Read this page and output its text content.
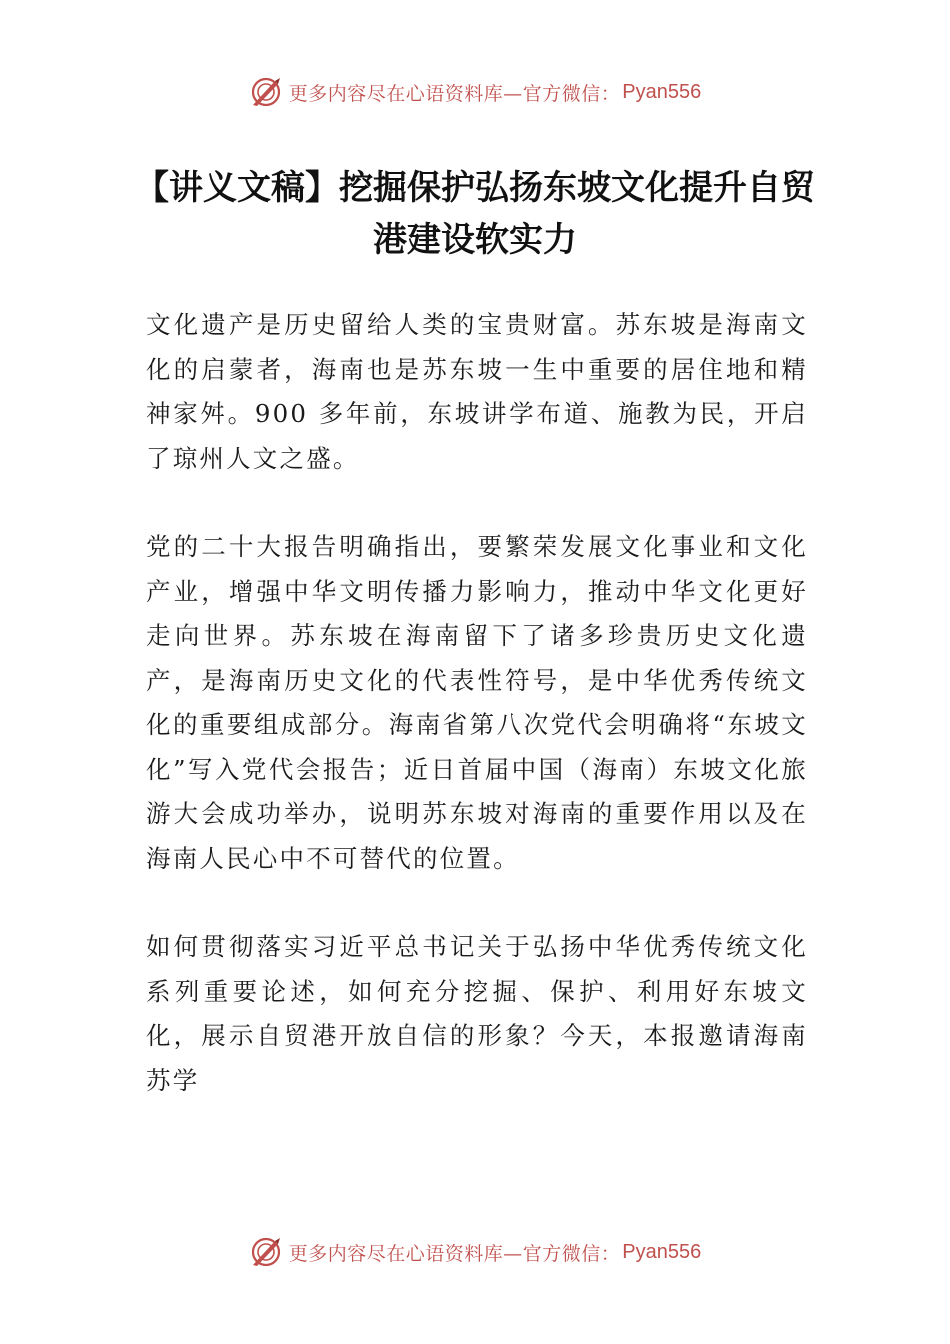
更多内容尽在心语资料库—官方微信： Pyan556
【讲义文稿】挖掘保护弘扬东坡文化提升自贸港建设软实力

文化遗产是历史留给人类的宝贵财富。苏东坡是海南文化的启蒙者，海南也是苏东坡一生中重要的居住地和精神家⾇。900 多年前，东坡讲学布道、施教为民，开启了琼州人文之盛。

党的二十大报告明确指出，要繁荣发展文化事业和文化产业，增强中华文明传播力影响力，推动中华文化更好走向世界。苏东坡在海南留下了诸多珍贵历史文化遗产，是海南历史文化的代表性符号，是中华优秀传统文化的重要组成部分。海南省第八次党代会明确将“东坡文化”写入党代会报告；近日首届中国（海南）东坡文化旅游大会成功举办，说明苏东坡对海南的重要作用以及在海南人民心中不可替代的位置。

如何贯彻落实习近平总书记关于弘扬中华优秀传统文化系列重要论述，如何充分挖掘、保护、利用好东坡文化，展示自贸港开放自信的形象？今天，本报邀请海南苏学

更多内容尽在心语资料库—官方微信： Pyan556
